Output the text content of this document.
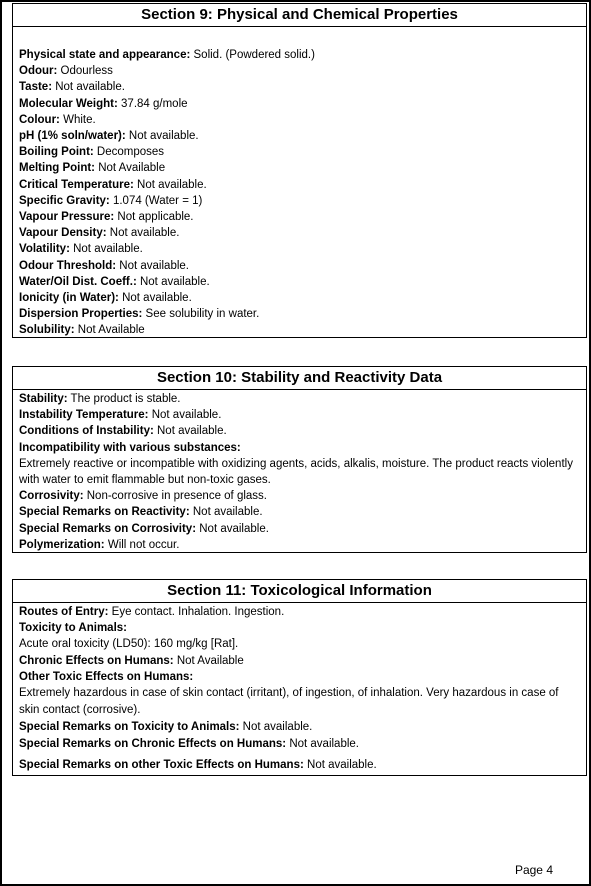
Section 9: Physical and Chemical Properties
Physical state and appearance: Solid. (Powdered solid.)
Odour: Odourless
Taste: Not available.
Molecular Weight: 37.84 g/mole
Colour: White.
pH (1% soln/water): Not available.
Boiling Point: Decomposes
Melting Point: Not Available
Critical Temperature: Not available.
Specific Gravity: 1.074 (Water = 1)
Vapour Pressure: Not applicable.
Vapour Density: Not available.
Volatility: Not available.
Odour Threshold: Not available.
Water/Oil Dist. Coeff.: Not available.
Ionicity (in Water): Not available.
Dispersion Properties: See solubility in water.
Solubility: Not Available
Section 10: Stability and Reactivity Data
Stability: The product is stable.
Instability Temperature: Not available.
Conditions of Instability: Not available.
Incompatibility with various substances:
Extremely reactive or incompatible with oxidizing agents, acids, alkalis, moisture. The product reacts violently with water to emit flammable but non-toxic gases.
Corrosivity: Non-corrosive in presence of glass.
Special Remarks on Reactivity: Not available.
Special Remarks on Corrosivity: Not available.
Polymerization: Will not occur.
Section 11: Toxicological Information
Routes of Entry: Eye contact. Inhalation. Ingestion.
Toxicity to Animals:
Acute oral toxicity (LD50): 160 mg/kg [Rat].
Chronic Effects on Humans: Not Available
Other Toxic Effects on Humans:
Extremely hazardous in case of skin contact (irritant), of ingestion, of inhalation. Very hazardous in case of skin contact (corrosive).
Special Remarks on Toxicity to Animals: Not available.
Special Remarks on Chronic Effects on Humans: Not available.
Special Remarks on other Toxic Effects on Humans: Not available.
Page 4
